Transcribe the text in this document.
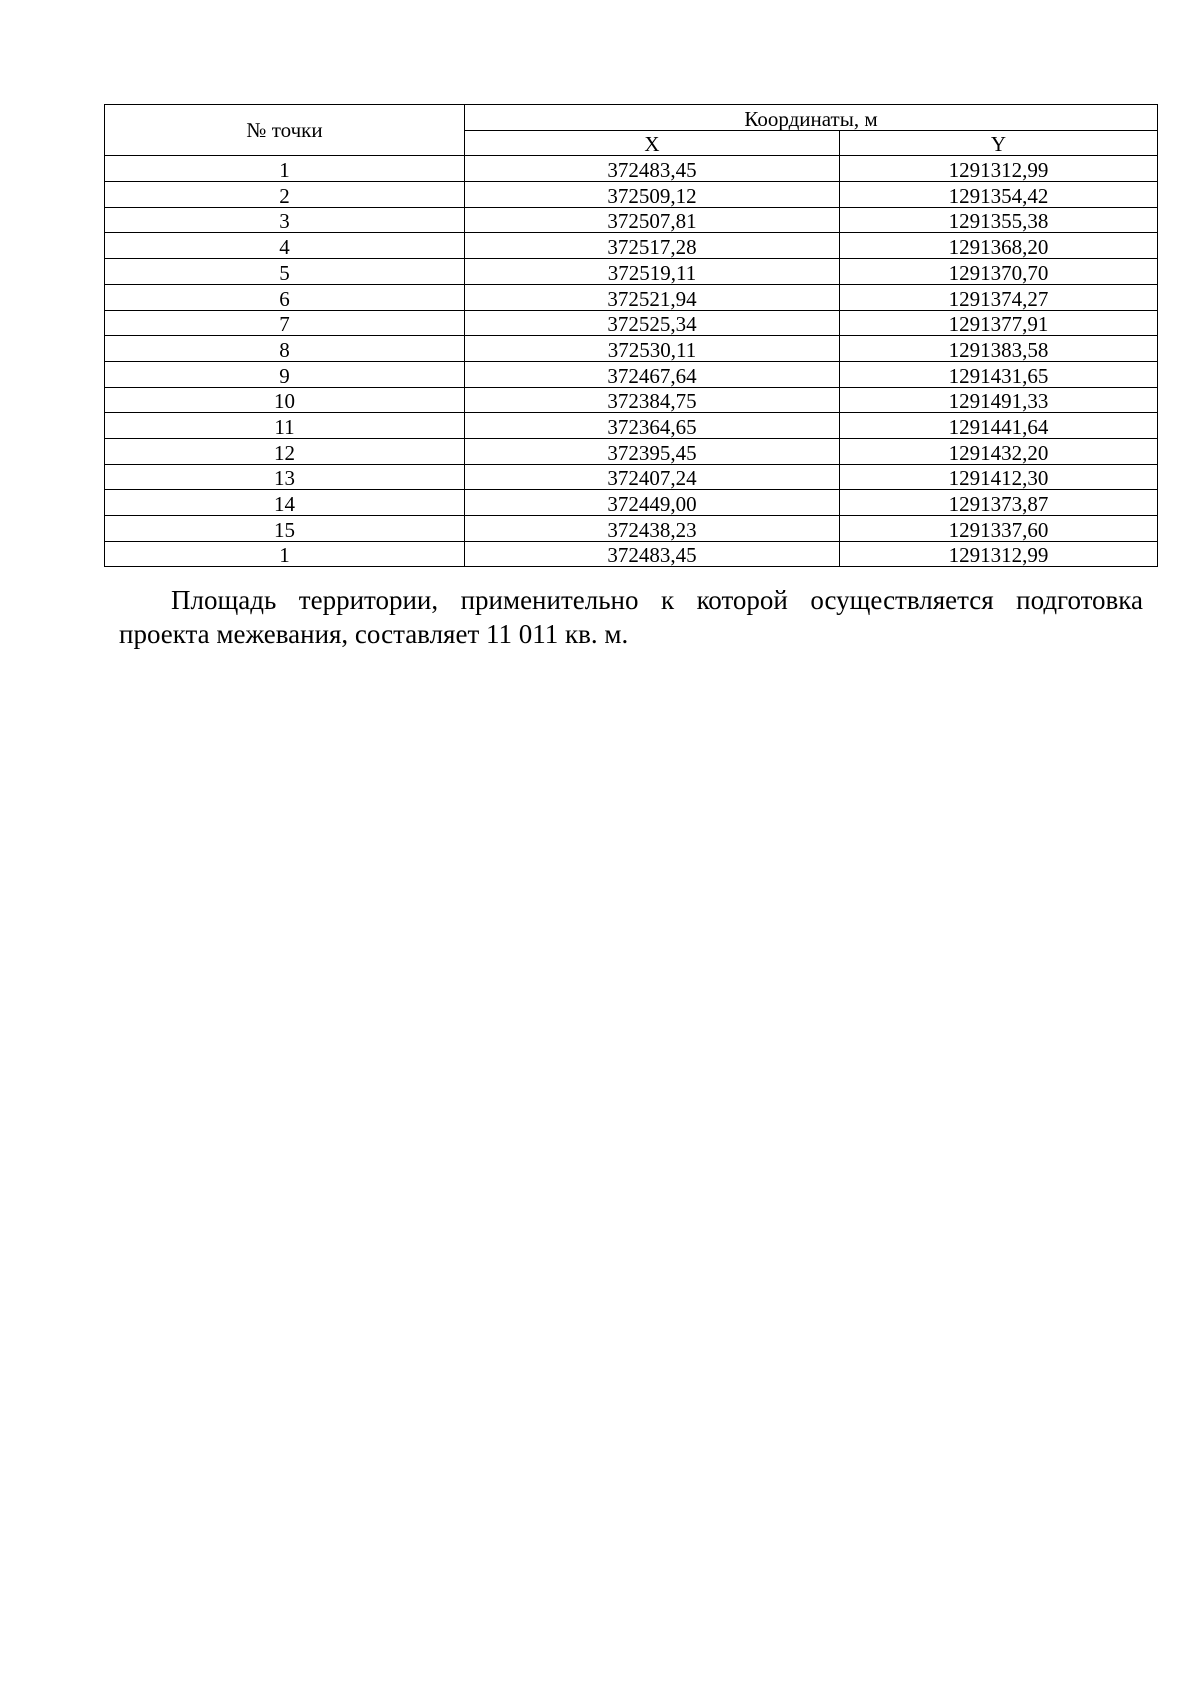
№ точки	Координаты, м	
	X	Y
1	372483,45	1291312,99
2	372509,12	1291354,42
3	372507,81	1291355,38
4	372517,28	1291368,20
5	372519,11	1291370,70
6	372521,94	1291374,27
7	372525,34	1291377,91
8	372530,11	1291383,58
9	372467,64	1291431,65
10	372384,75	1291491,33
11	372364,65	1291441,64
12	372395,45	1291432,20
13	372407,24	1291412,30
14	372449,00	1291373,87
15	372438,23	1291337,60
1	372483,45	1291312,99

Площадь территории, применительно к которой осуществляется подготовка проекта межевания, составляет 11 011 кв. м.
